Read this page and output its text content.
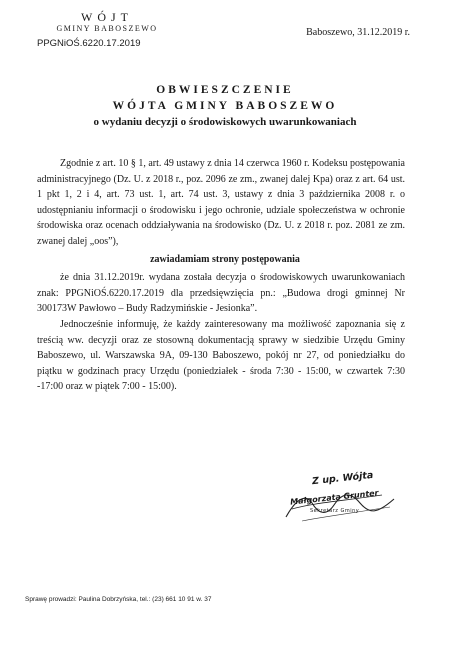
WÓJT
GMINY BABOSZEWO
PPGNiOŚ.6220.17.2019
Baboszewo, 31.12.2019 r.
OBWIESZCZENIE
WÓJTA GMINY BABOSZEWO
o wydaniu decyzji o środowiskowych uwarunkowaniach
Zgodnie z art. 10 § 1, art. 49 ustawy z dnia 14 czerwca 1960 r. Kodeksu postępowania administracyjnego (Dz. U. z 2018 r., poz. 2096 ze zm., zwanej dalej Kpa) oraz z art. 64 ust. 1 pkt 1, 2 i 4, art. 73 ust. 1, art. 74 ust. 3, ustawy z dnia 3 października 2008 r. o udostępnianiu informacji o środowisku i jego ochronie, udziale społeczeństwa w ochronie środowiska oraz ocenach oddziaływania na środowisko (Dz. U. z 2018 r. poz. 2081 ze zm. zwanej dalej „oos”),
zawiadamiam strony postępowania
że dnia 31.12.2019r. wydana została decyzja o środowiskowych uwarunkowaniach znak: PPGNiOŚ.6220.17.2019 dla przedsięwzięcia pn.: „Budowa drogi gminnej Nr 300173W Pawłowo – Budy Radzymińskie - Jesionka”.
Jednocześnie informuję, że każdy zainteresowany ma możliwość zapoznania się z treścią ww. decyzji oraz ze stosowną dokumentacją sprawy w siedzibie Urzędu Gminy Baboszewo, ul. Warszawska 9A, 09-130 Baboszewo, pokój nr 27, od poniedziałku do piątku w godzinach pracy Urzędu (poniedziałek - środa 7:30 - 15:00, w czwartek 7:30 -17:00 oraz w piątek 7:00 - 15:00).
Z up. Wójta
Małgorzata Grunter
Sekretarz Gminy
Sprawę prowadzi: Paulina Dobrzyńska, tel.: (23) 661 10 91 w. 37
